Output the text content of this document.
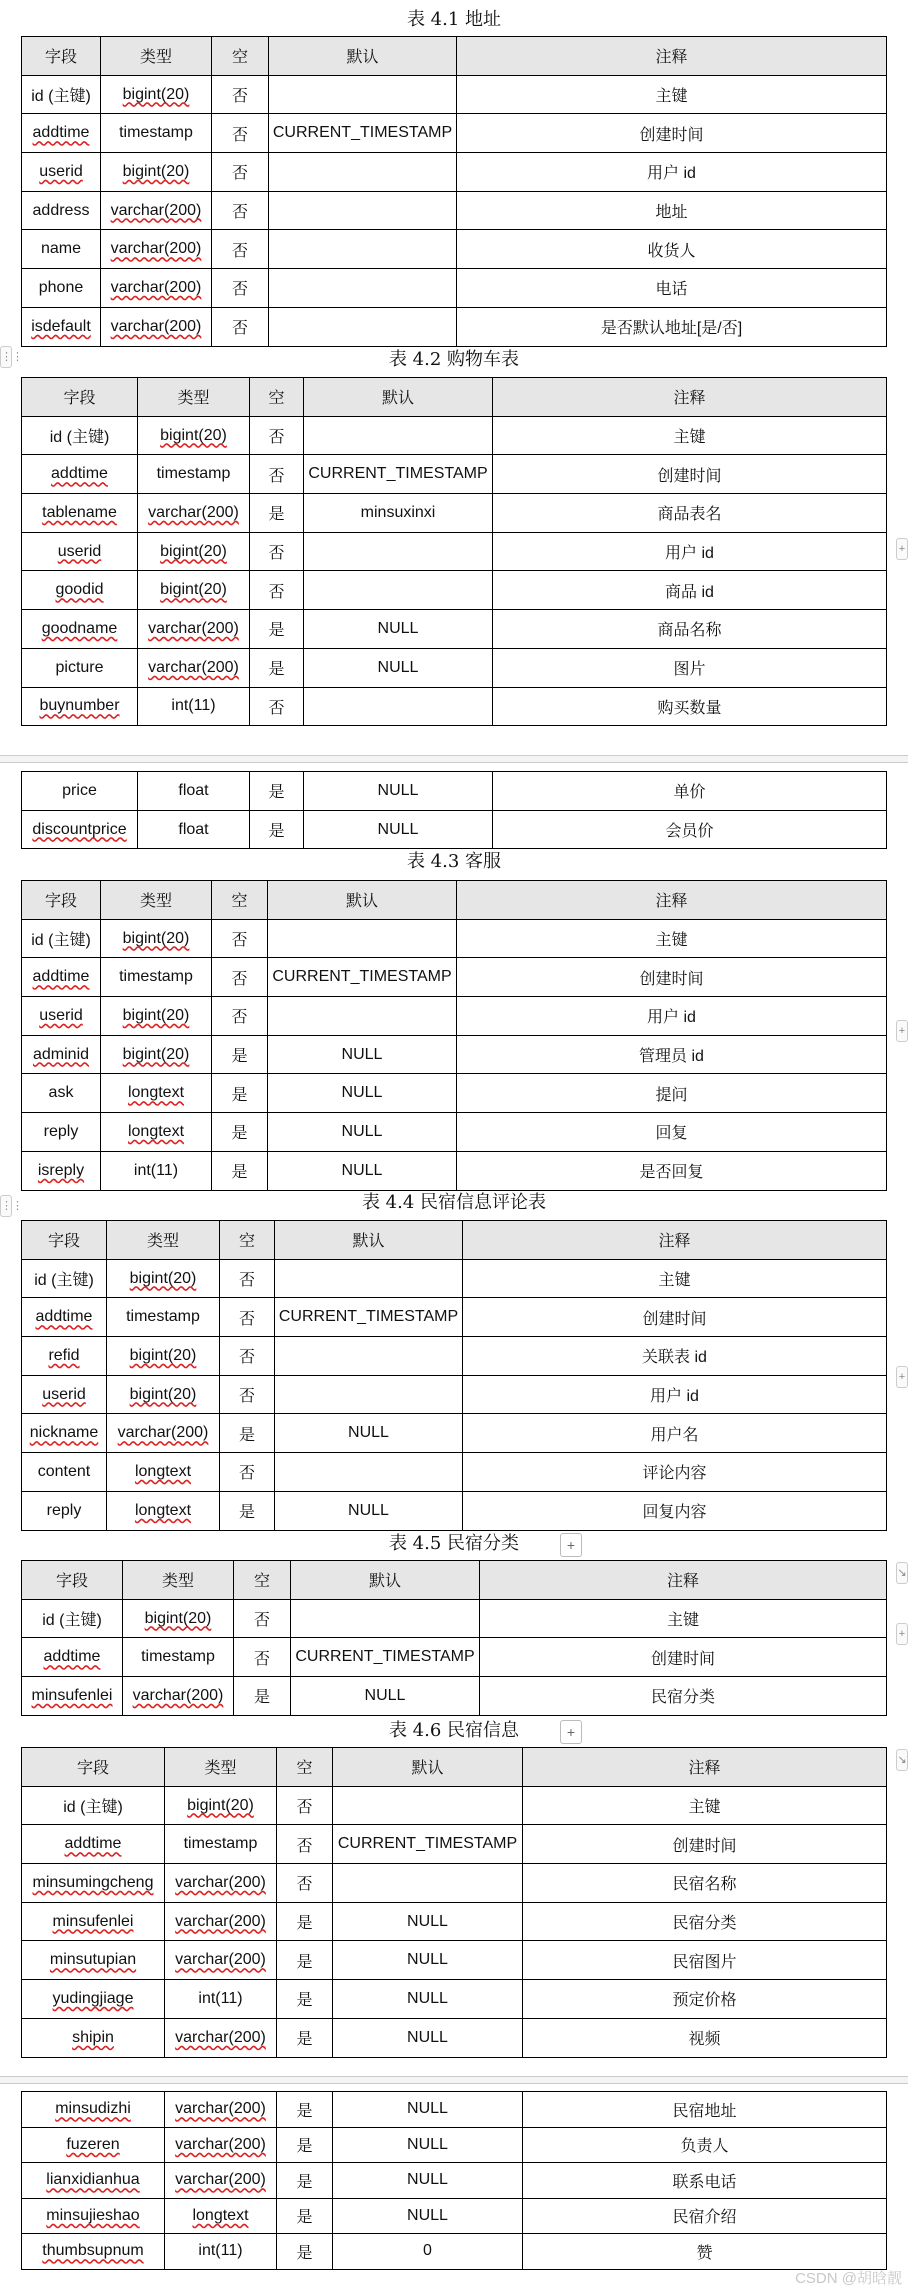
表 4.1 地址
字段	类型	空	默认	注释
id (主键)	bigint(20)	否		主键
addtime	timestamp	否	CURRENT_TIMESTAMP	创建时间
userid	bigint(20)	否		用户 id
address	varchar(200)	否		地址
name	varchar(200)	否		收货人
phone	varchar(200)	否		电话
isdefault	varchar(200)	否		是否默认地址[是/否]
表 4.2 购物车表
字段	类型	空	默认	注释
id (主键)	bigint(20)	否		主键
addtime	timestamp	否	CURRENT_TIMESTAMP	创建时间
tablename	varchar(200)	是	minsuxinxi	商品表名
userid	bigint(20)	否		用户 id
goodid	bigint(20)	否		商品 id
goodname	varchar(200)	是	NULL	商品名称
picture	varchar(200)	是	NULL	图片
buynumber	int(11)	否		购买数量
price	float	是	NULL	单价
discountprice	float	是	NULL	会员价
表 4.3 客服
字段	类型	空	默认	注释
id (主键)	bigint(20)	否		主键
addtime	timestamp	否	CURRENT_TIMESTAMP	创建时间
userid	bigint(20)	否		用户 id
adminid	bigint(20)	是	NULL	管理员 id
ask	longtext	是	NULL	提问
reply	longtext	是	NULL	回复
isreply	int(11)	是	NULL	是否回复
表 4.4 民宿信息评论表
字段	类型	空	默认	注释
id (主键)	bigint(20)	否		主键
addtime	timestamp	否	CURRENT_TIMESTAMP	创建时间
refid	bigint(20)	否		关联表 id
userid	bigint(20)	否		用户 id
nickname	varchar(200)	是	NULL	用户名
content	longtext	否		评论内容
reply	longtext	是	NULL	回复内容
表 4.5 民宿分类	+
字段	类型	空	默认	注释
id (主键)	bigint(20)	否		主键
addtime	timestamp	否	CURRENT_TIMESTAMP	创建时间
minsufenlei	varchar(200)	是	NULL	民宿分类
表 4.6 民宿信息	+
字段	类型	空	默认	注释
id (主键)	bigint(20)	否		主键
addtime	timestamp	否	CURRENT_TIMESTAMP	创建时间
minsumingcheng	varchar(200)	否		民宿名称
minsufenlei	varchar(200)	是	NULL	民宿分类
minsutupian	varchar(200)	是	NULL	民宿图片
yudingjiage	int(11)	是	NULL	预定价格
shipin	varchar(200)	是	NULL	视频
minsudizhi	varchar(200)	是	NULL	民宿地址
fuzeren	varchar(200)	是	NULL	负责人
lianxidianhua	varchar(200)	是	NULL	联系电话
minsujieshao	longtext	是	NULL	民宿介绍
thumbsupnum	int(11)	是	0	赞
⋮⋮
⋮⋮
+
+
+
↘
↘
+
CSDN @胡晗靓
